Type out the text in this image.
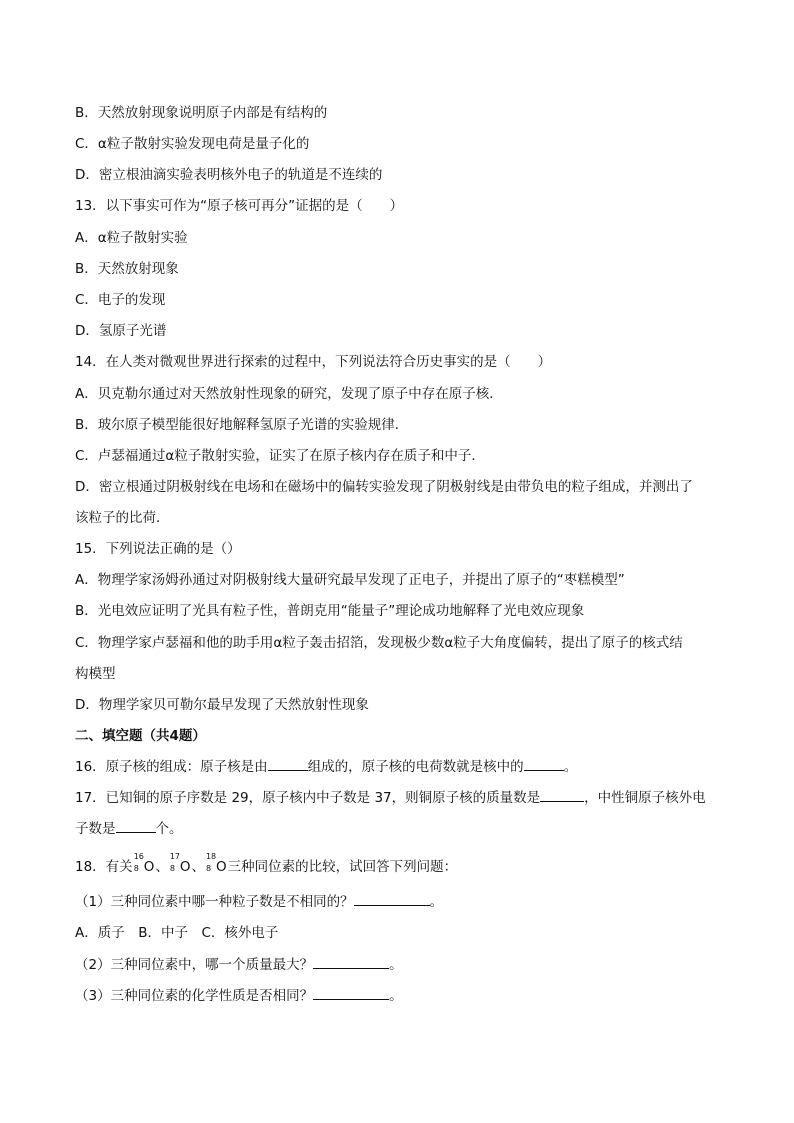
B．天然放射现象说明原子内部是有结构的

C．α粒子散射实验发现电荷是量子化的

D．密立根油滴实验表明核外电子的轨道是不连续的

13．以下事实可作为“原子核可再分”证据的是（　　）

A．α粒子散射实验

B．天然放射现象

C．电子的发现

D．氢原子光谱

14．在人类对微观世界进行探索的过程中，下列说法符合历史事实的是（　　）

A．贝克勒尔通过对天然放射性现象的研究，发现了原子中存在原子核．

B．玻尔原子模型能很好地解释氢原子光谱的实验规律．

C．卢瑟福通过α粒子散射实验，证实了在原子核内存在质子和中子．

D．密立根通过阴极射线在电场和在磁场中的偏转实验发现了阴极射线是由带负电的粒子组成，并测出了

该粒子的比荷．

15．下列说法正确的是（）

A．物理学家汤姆孙通过对阴极射线大量研究最早发现了正电子，并提出了原子的“枣糕模型”

B．光电效应证明了光具有粒子性，普朗克用“能量子”理论成功地解释了光电效应现象

C．物理学家卢瑟福和他的助手用α粒子轰击招箔，发现极少数α粒子大角度偏转，提出了原子的核式结

构模型

D．物理学家贝可勒尔最早发现了天然放射性现象

二、填空题（共4题）

16．原子核的组成：原子核是由	组成的，原子核的电荷数就是核中的	。

17．已知铜的原子序数是 29，原子核内中子数是 37，则铜原子核的质量数是	，中性铜原子核外电

子数是	个。

18．有关
16
8 O、
17
8 O、
18
8 O三种同位素的比较，试回答下列问题：

（1）三种同位素中哪一种粒子数是不相同的？	。

A．质子　B．中子　C．核外电子

（2）三种同位素中，哪一个质量最大？	。

（3）三种同位素的化学性质是否相同？	。
